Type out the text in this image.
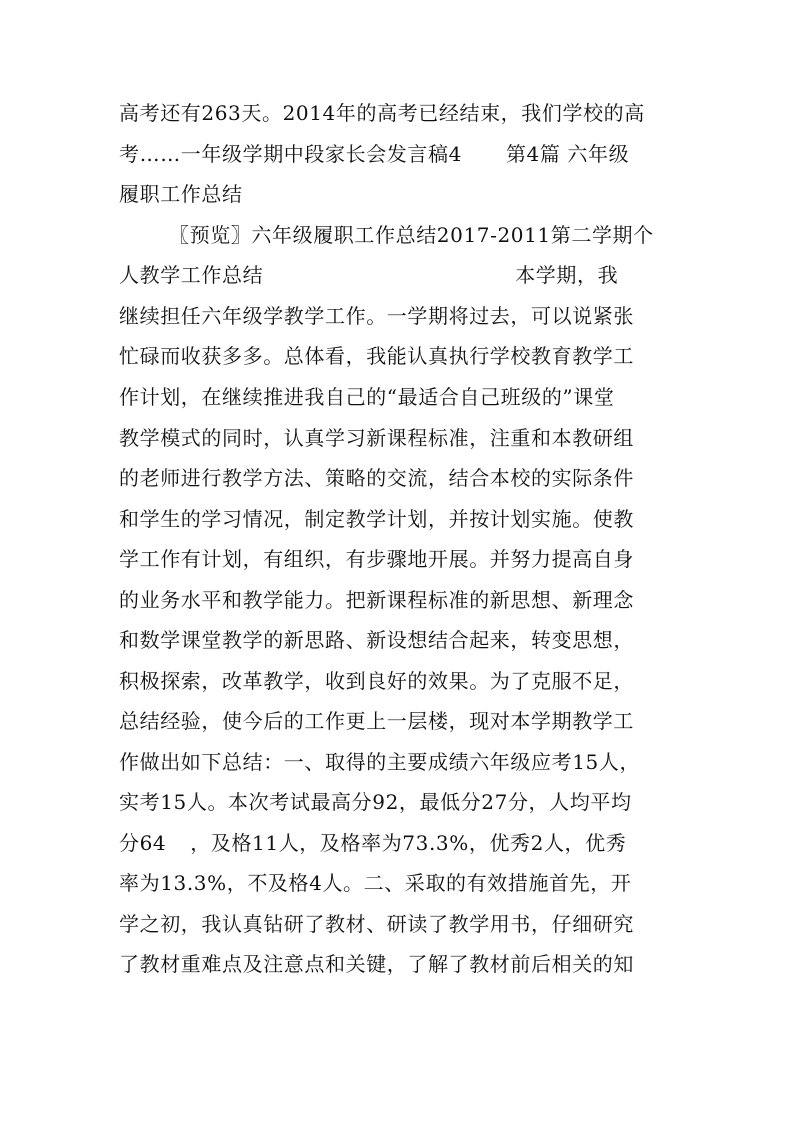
高考还有263天。2014年的高考已经结束，我们学校的高
考……一年级学期中段家长会发言稿4 第4篇 六年级
履职工作总结
〖预览〗六年级履职工作总结2017-2011第二学期个
人教学工作总结	本学期，我
继续担任六年级学教学工作。一学期将过去，可以说紧张
忙碌而收获多多。总体看，我能认真执行学校教育教学工
作计划，在继续推进我自己的“最适合自己班级的”课堂
教学模式的同时，认真学习新课程标准，注重和本教研组
的老师进行教学方法、策略的交流，结合本校的实际条件
和学生的学习情况，制定教学计划，并按计划实施。使教
学工作有计划，有组织，有步骤地开展。并努力提高自身
的业务水平和教学能力。把新课程标准的新思想、新理念
和数学课堂教学的新思路、新设想结合起来，转变思想，
积极探索，改革教学，收到良好的效果。为了克服不足，
总结经验，使今后的工作更上一层楼，现对本学期教学工
作做出如下总结：一、取得的主要成绩六年级应考15人，
实考15人。本次考试最高分92，最低分27分，人均平均
分64 ，及格11人，及格率为73.3%，优秀2人，优秀
率为13.3%，不及格4人。二、采取的有效措施首先，开
学之初，我认真钻研了教材、研读了教学用书，仔细研究
了教材重难点及注意点和关键，了解了教材前后相关的知
